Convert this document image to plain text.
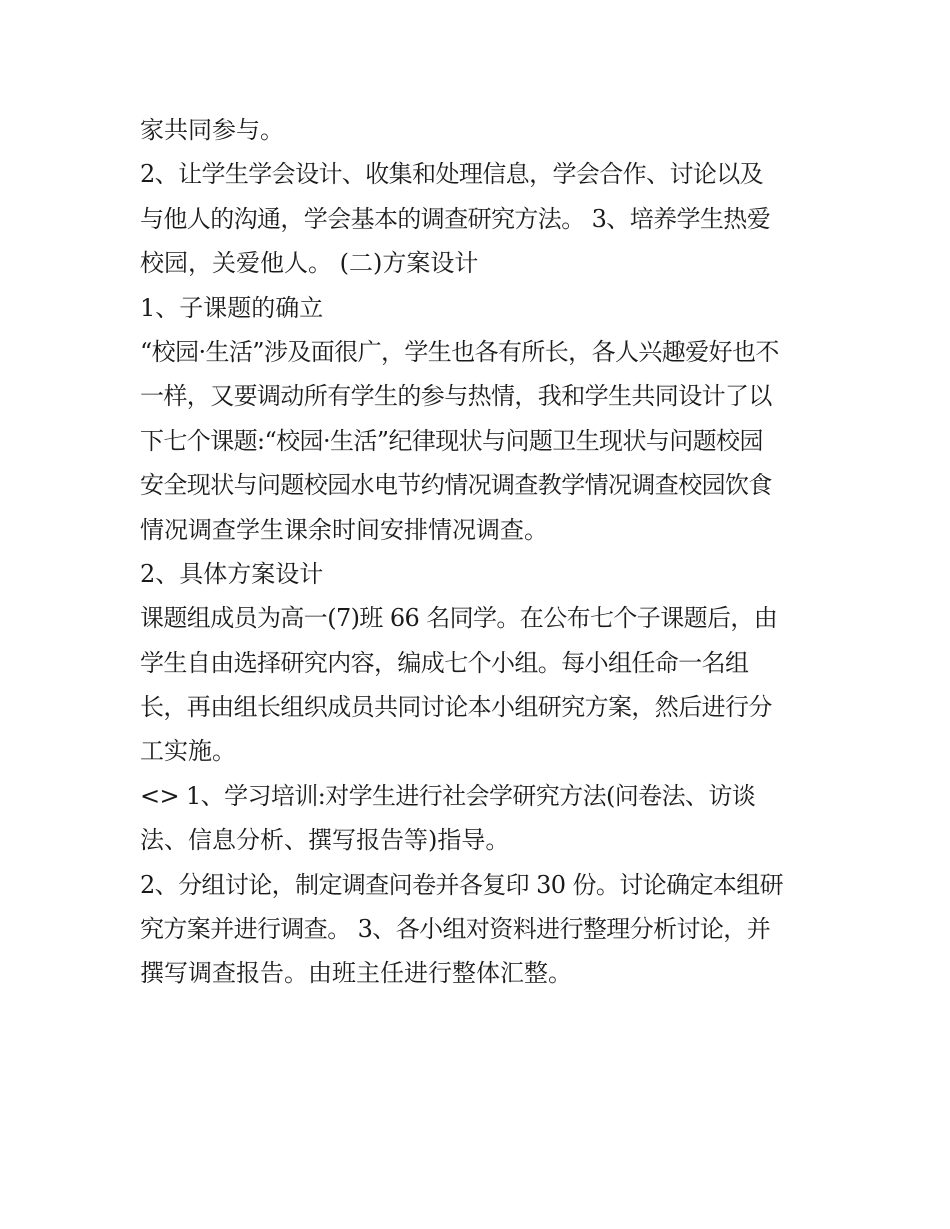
家共同参与。

2、让学生学会设计、收集和处理信息，学会合作、讨论以及

与他人的沟通，学会基本的调查研究方法。 3、培养学生热爱

校园，关爱他人。 (二)方案设计

1、子课题的确立

“校园·生活”涉及面很广，学生也各有所长，各人兴趣爱好也不

一样，又要调动所有学生的参与热情，我和学生共同设计了以

下七个课题:“校园·生活”纪律现状与问题卫生现状与问题校园

安全现状与问题校园水电节约情况调查教学情况调查校园饮食

情况调查学生课余时间安排情况调查。

2、具体方案设计

课题组成员为高一(7)班 66 名同学。在公布七个子课题后，由

学生自由选择研究内容，编成七个小组。每小组任命一名组

长，再由组长组织成员共同讨论本小组研究方案，然后进行分

工实施。

<> 1、学习培训:对学生进行社会学研究方法(问卷法、访谈

法、信息分析、撰写报告等)指导。

2、分组讨论，制定调查问卷并各复印 30 份。讨论确定本组研

究方案并进行调查。 3、各小组对资料进行整理分析讨论，并

撰写调查报告。由班主任进行整体汇整。
